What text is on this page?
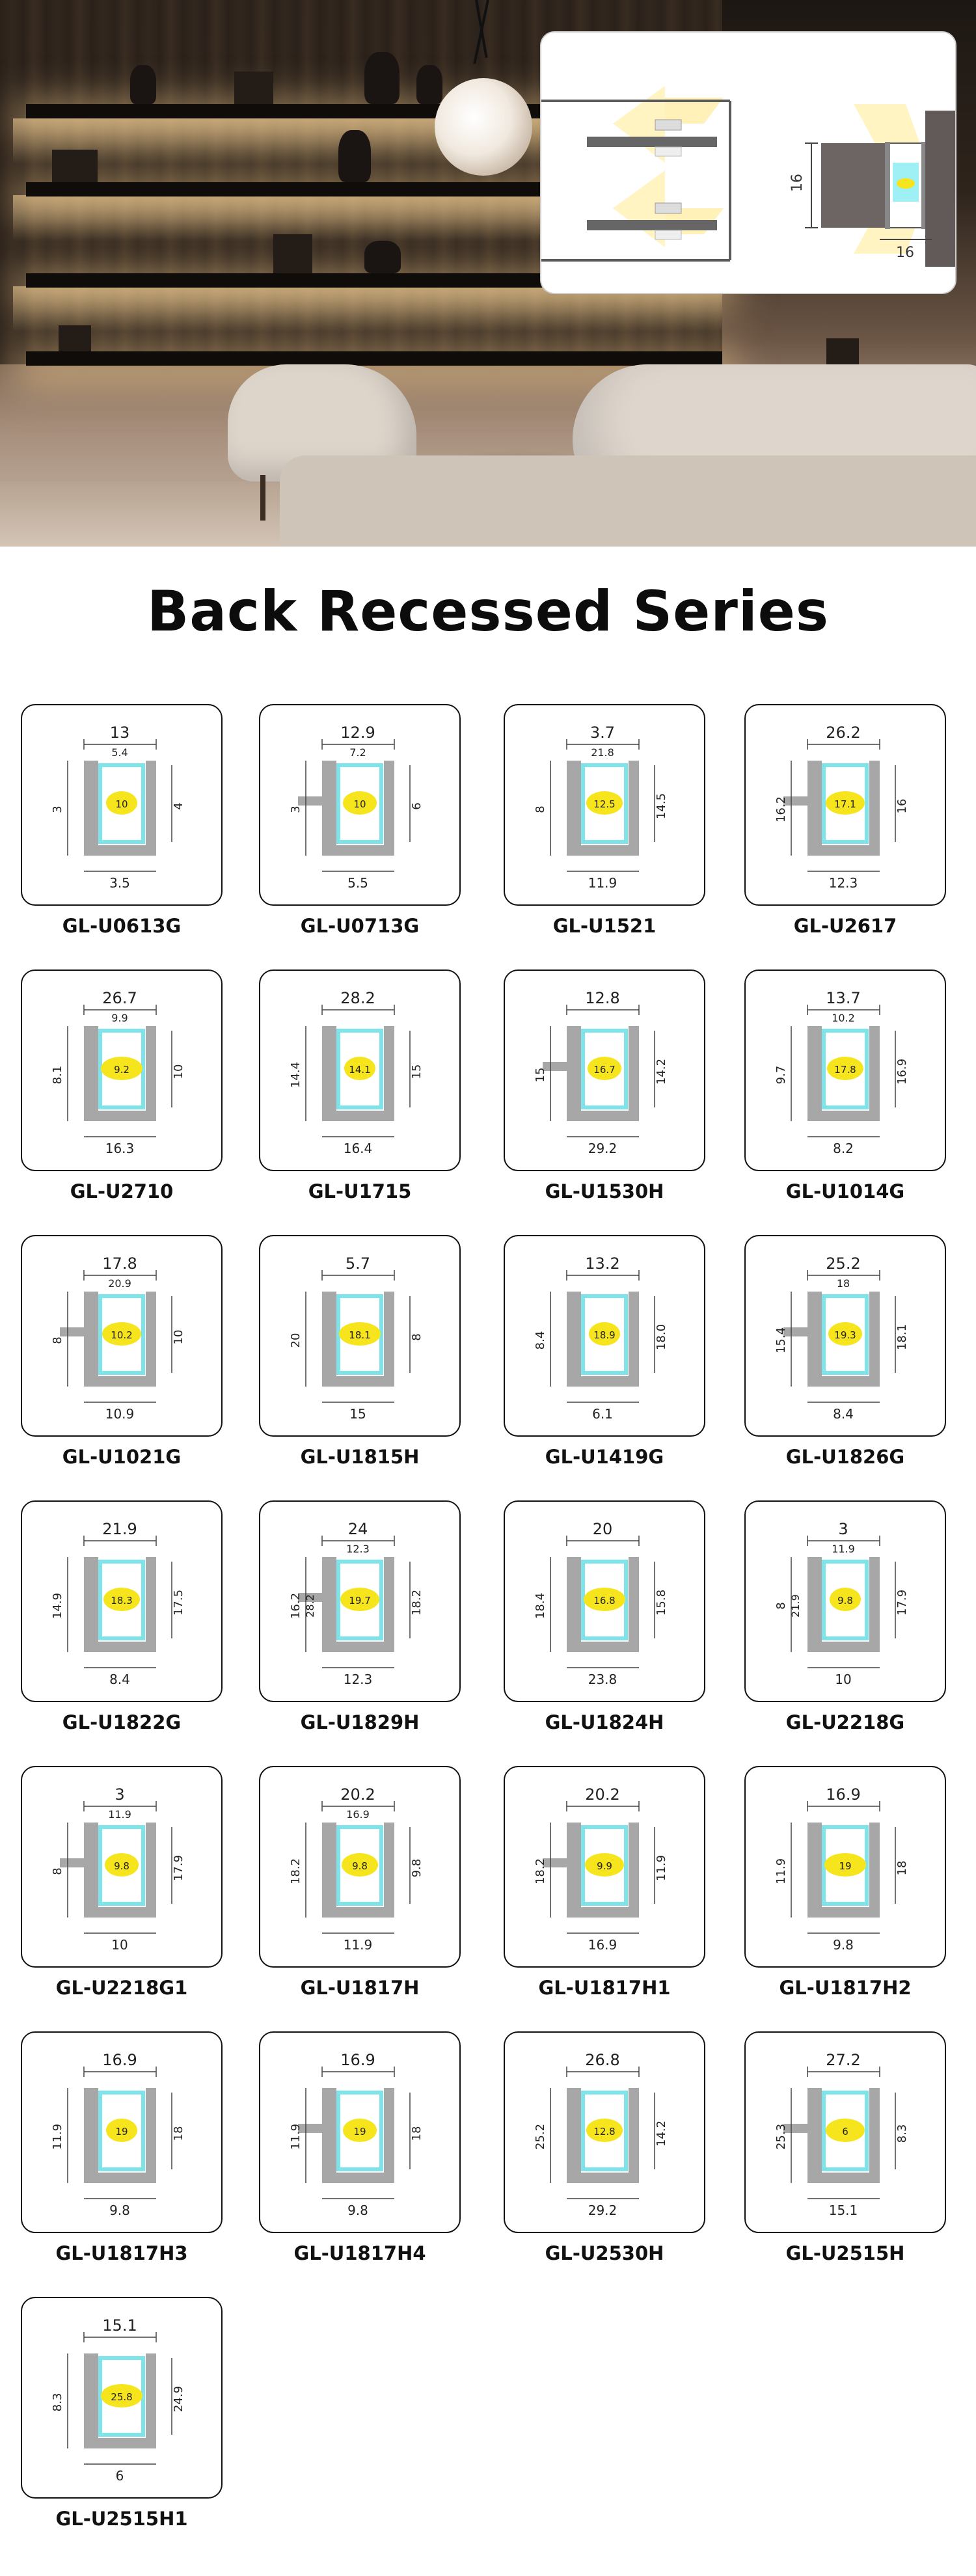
16
16
Back Recessed Series
13
3	10	4
3.5
5.4
GL-U0613G
12.9
3	10	6
5.5
7.2
GL-U0713G
3.7
8	12.5	14.5
11.9
21.8
GL-U1521
26.2
16.2	17.1	16
12.3
GL-U2617
26.7
8.1	9.2	10
16.3
9.9
GL-U2710
28.2
14.4	14.1	15
16.4
GL-U1715
12.8
15	16.7	14.2
29.2
GL-U1530H
13.7
9.7	17.8	16.9
8.2
10.2
GL-U1014G
17.8
8	10.2	10
10.9
20.9
GL-U1021G
5.7
20	18.1	8
15
GL-U1815H
13.2
8.4	18.9	18.0
6.1
GL-U1419G
25.2
15.4	19.3	18.1
8.4
18
GL-U1826G
21.9
14.9	18.3	17.5
8.4
GL-U1822G
24
16.2	19.7	18.2
12.3
12.3
28.2
GL-U1829H
20
18.4	16.8	15.8
23.8
GL-U1824H
3
8	9.8	17.9
10
11.9
21.9
GL-U2218G
3
8	9.8	17.9
10
11.9
GL-U2218G1
20.2
18.2	9.8	9.8
11.9
16.9
GL-U1817H
20.2
18.2	9.9	11.9
16.9
GL-U1817H1
16.9
11.9	19	18
9.8
GL-U1817H2
16.9
11.9	19	18
9.8
GL-U1817H3
16.9
11.9	19	18
9.8
GL-U1817H4
26.8
25.2	12.8	14.2
29.2
GL-U2530H
27.2
25.3	6	8.3
15.1
GL-U2515H
15.1
8.3	25.8	24.9
6
GL-U2515H1
